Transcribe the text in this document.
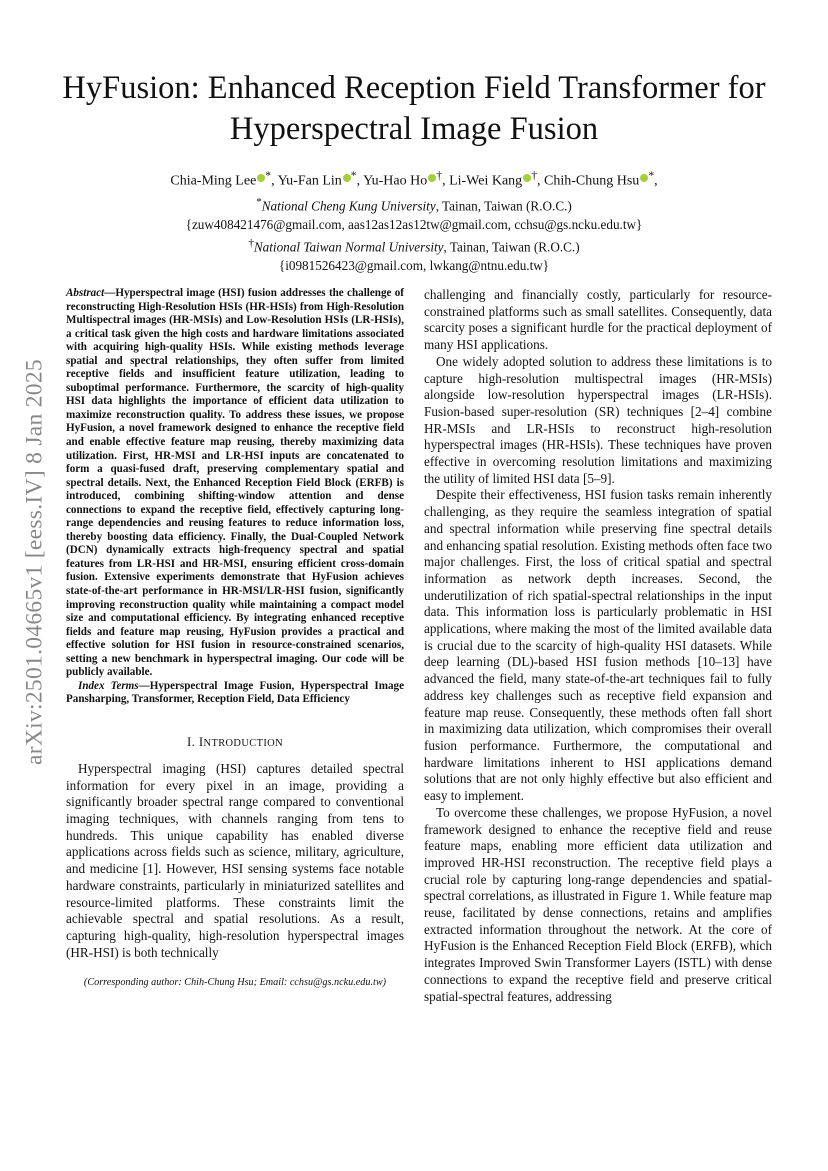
arXiv:2501.04665v1 [eess.IV] 8 Jan 2025
HyFusion: Enhanced Reception Field Transformer for Hyperspectral Image Fusion
Chia-Ming Lee *, Yu-Fan Lin *, Yu-Hao Ho †, Li-Wei Kang †, Chih-Chung Hsu *,
*National Cheng Kung University, Tainan, Taiwan (R.O.C.)
{zuw408421476@gmail.com, aas12as12as12tw@gmail.com, cchsu@gs.ncku.edu.tw}
†National Taiwan Normal University, Tainan, Taiwan (R.O.C.)
{i0981526423@gmail.com, lwkang@ntnu.edu.tw}

Abstract—Hyperspectral image (HSI) fusion addresses the challenge of reconstructing High-Resolution HSIs (HR-HSIs) from High-Resolution Multispectral images (HR-MSIs) and Low-Resolution HSIs (LR-HSIs), a critical task given the high costs and hardware limitations associated with acquiring high-quality HSIs. While existing methods leverage spatial and spectral relationships, they often suffer from limited receptive fields and insufficient feature utilization, leading to suboptimal performance. Furthermore, the scarcity of high-quality HSI data highlights the importance of efficient data utilization to maximize reconstruction quality. To address these issues, we propose HyFusion, a novel framework designed to enhance the receptive field and enable effective feature map reusing, thereby maximizing data utilization. First, HR-MSI and LR-HSI inputs are concatenated to form a quasi-fused draft, preserving complementary spatial and spectral details. Next, the Enhanced Reception Field Block (ERFB) is introduced, combining shifting-window attention and dense connections to expand the receptive field, effectively capturing long-range dependencies and reusing features to reduce information loss, thereby boosting data efficiency. Finally, the Dual-Coupled Network (DCN) dynamically extracts high-frequency spectral and spatial features from LR-HSI and HR-MSI, ensuring efficient cross-domain fusion. Extensive experiments demonstrate that HyFusion achieves state-of-the-art performance in HR-MSI/LR-HSI fusion, significantly improving reconstruction quality while maintaining a compact model size and computational efficiency. By integrating enhanced receptive fields and feature map reusing, HyFusion provides a practical and effective solution for HSI fusion in resource-constrained scenarios, setting a new benchmark in hyperspectral imaging. Our code will be publicly available.

Index Terms—Hyperspectral Image Fusion, Hyperspectral Image Pansharping, Transformer, Reception Field, Data Efficiency

I. INTRODUCTION

Hyperspectral imaging (HSI) captures detailed spectral information for every pixel in an image, providing a significantly broader spectral range compared to conventional imaging techniques, with channels ranging from tens to hundreds. This unique capability has enabled diverse applications across fields such as science, military, agriculture, and medicine [1]. However, HSI sensing systems face notable hardware constraints, particularly in miniaturized satellites and resource-limited platforms. These constraints limit the achievable spectral and spatial resolutions. As a result, capturing high-quality, high-resolution hyperspectral images (HR-HSI) is both technically

(Corresponding author: Chih-Chung Hsu; Email: cchsu@gs.ncku.edu.tw)

challenging and financially costly, particularly for resource-constrained platforms such as small satellites. Consequently, data scarcity poses a significant hurdle for the practical deployment of many HSI applications.

One widely adopted solution to address these limitations is to capture high-resolution multispectral images (HR-MSIs) alongside low-resolution hyperspectral images (LR-HSIs). Fusion-based super-resolution (SR) techniques [2–4] combine HR-MSIs and LR-HSIs to reconstruct high-resolution hyperspectral images (HR-HSIs). These techniques have proven effective in overcoming resolution limitations and maximizing the utility of limited HSI data [5–9].

Despite their effectiveness, HSI fusion tasks remain inherently challenging, as they require the seamless integration of spatial and spectral information while preserving fine spectral details and enhancing spatial resolution. Existing methods often face two major challenges. First, the loss of critical spatial and spectral information as network depth increases. Second, the underutilization of rich spatial-spectral relationships in the input data. This information loss is particularly problematic in HSI applications, where making the most of the limited available data is crucial due to the scarcity of high-quality HSI datasets. While deep learning (DL)-based HSI fusion methods [10–13] have advanced the field, many state-of-the-art techniques fail to fully address key challenges such as receptive field expansion and feature map reuse. Consequently, these methods often fall short in maximizing data utilization, which compromises their overall fusion performance. Furthermore, the computational and hardware limitations inherent to HSI applications demand solutions that are not only highly effective but also efficient and easy to implement.

To overcome these challenges, we propose HyFusion, a novel framework designed to enhance the receptive field and reuse feature maps, enabling more efficient data utilization and improved HR-HSI reconstruction. The receptive field plays a crucial role by capturing long-range dependencies and spatial-spectral correlations, as illustrated in Figure 1. While feature map reuse, facilitated by dense connections, retains and amplifies extracted information throughout the network. At the core of HyFusion is the Enhanced Reception Field Block (ERFB), which integrates Improved Swin Transformer Layers (ISTL) with dense connections to expand the receptive field and preserve critical spatial-spectral features, addressing
